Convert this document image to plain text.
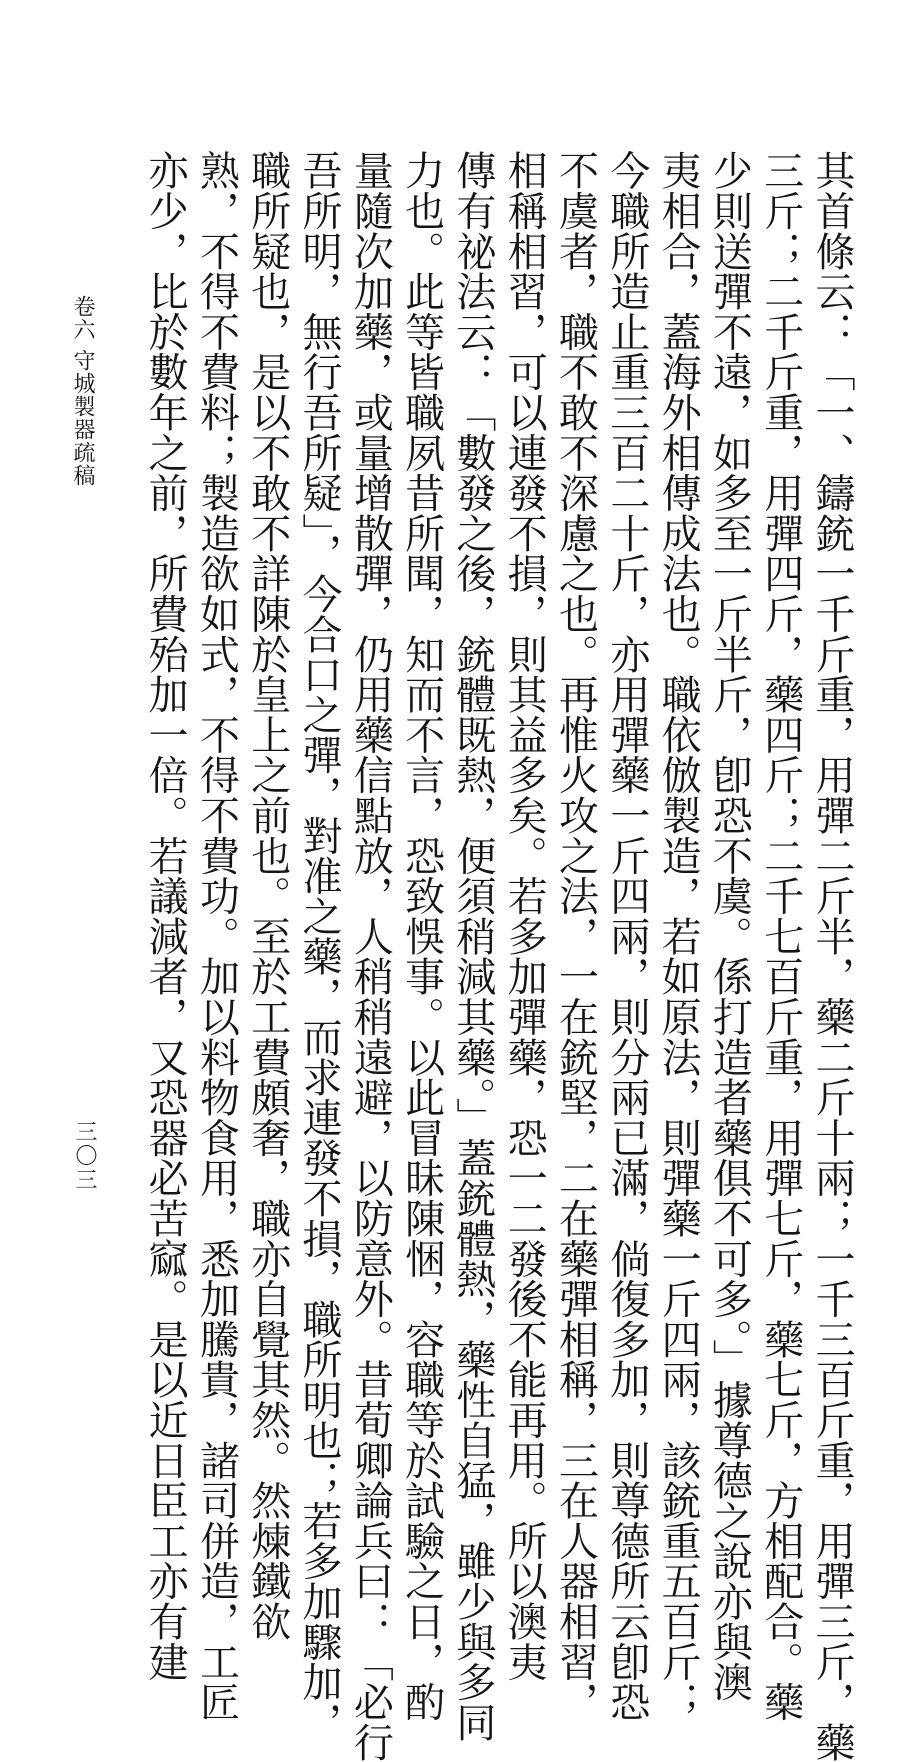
其首條云：「一、鑄銃一千斤重，用彈二斤半，藥二斤十兩；一千三百斤重，用彈三斤，藥
三斤；二千斤重，用彈四斤，藥四斤；二千七百斤重，用彈七斤，藥七斤，方相配合。藥
少則送彈不遠，如多至一斤半斤，卽恐不虞。係打造者藥俱不可多。」據尊德之說亦與澳
夷相合，蓋海外相傳成法也。職依倣製造，若如原法，則彈藥一斤四兩，該銃重五百斤；
今職所造止重三百二十斤，亦用彈藥一斤四兩，則分兩已滿，倘復多加，則尊德所云卽恐
不虞者，職不敢不深慮之也。再惟火攻之法，一在銃堅，二在藥彈相稱，三在人器相習，
相稱相習，可以連發不損，則其益多矣。若多加彈藥，恐一二發後不能再用。所以澳夷
傳有祕法云：「數發之後，銃體既熱，便須稍減其藥。」蓋銃體熱，藥性自猛，雖少與多同
力也。此等皆職夙昔所聞，知而不言，恐致悞事。以此冒昧陳悃，容職等於試驗之日，酌
量隨次加藥，或量增散彈，仍用藥信點放，人稍稍遠避，以防意外。昔荀卿論兵曰：「必行
吾所明，無行吾所疑」，今合口之彈，對准之藥，而求連發不損，職所明也；若多加驟加，
職所疑也，是以不敢不詳陳於皇上之前也。至於工費頗奢，職亦自覺其然。然煉鐵欲
熟，不得不費料；製造欲如式，不得不費功。加以料物食用，悉加騰貴，諸司併造，工匠
亦少，比於數年之前，所費殆加一倍。若議減者，又恐器必苦窳。是以近日臣工亦有建
卷六 守城製器疏稿
三〇三
